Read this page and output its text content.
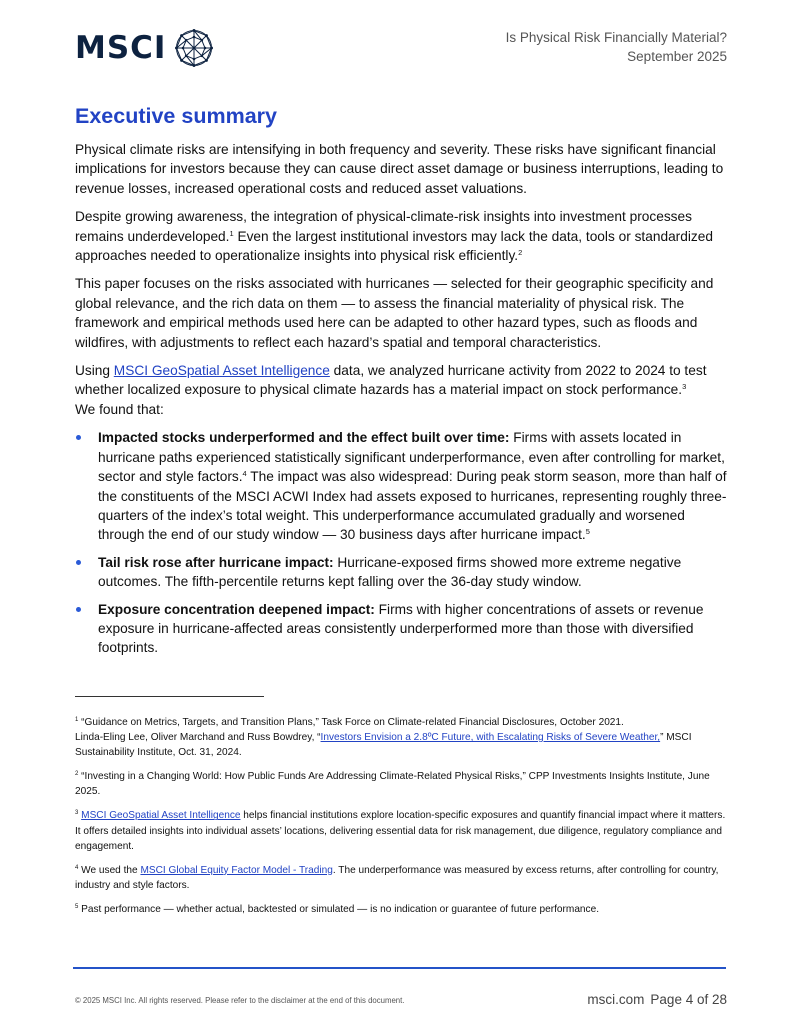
MSCI	Is Physical Risk Financially Material?
September 2025
Executive summary

Physical climate risks are intensifying in both frequency and severity. These risks have significant financial implications for investors because they can cause direct asset damage or business interruptions, leading to revenue losses, increased operational costs and reduced asset valuations.

Despite growing awareness, the integration of physical-climate-risk insights into investment processes remains underdeveloped.$^1$ Even the largest institutional investors may lack the data, tools or standardized approaches needed to operationalize insights into physical risk efficiently.$^2$

This paper focuses on the risks associated with hurricanes — selected for their geographic specificity and global relevance, and the rich data on them — to assess the financial materiality of physical risk. The framework and empirical methods used here can be adapted to other hazard types, such as floods and wildfires, with adjustments to reflect each hazard’s spatial and temporal characteristics.

Using MSCI GeoSpatial Asset Intelligence data, we analyzed hurricane activity from 2022 to 2024 to test whether localized exposure to physical climate hazards has a material impact on stock performance.$^3$
We found that:

Impacted stocks underperformed and the effect built over time: Firms with assets located in hurricane paths experienced statistically significant underperformance, even after controlling for market, sector and style factors.$^4$ The impact was also widespread: During peak storm season, more than half of the constituents of the MSCI ACWI Index had assets exposed to hurricanes, representing roughly three-quarters of the index’s total weight. This underperformance accumulated gradually and worsened through the end of our study window — 30 business days after hurricane impact.$^5$
Tail risk rose after hurricane impact: Hurricane-exposed firms showed more extreme negative outcomes. The fifth-percentile returns kept falling over the 36-day study window.
Exposure concentration deepened impact: Firms with higher concentrations of assets or revenue exposure in hurricane-affected areas consistently underperformed more than those with diversified footprints.

$^1$ “Guidance on Metrics, Targets, and Transition Plans,” Task Force on Climate-related Financial Disclosures, October 2021.
Linda-Eling Lee, Oliver Marchand and Russ Bowdrey, “Investors Envision a 2.8ºC Future, with Escalating Risks of Severe Weather,” MSCI Sustainability Institute, Oct. 31, 2024.

$^2$ “Investing in a Changing World: How Public Funds Are Addressing Climate-Related Physical Risks,” CPP Investments Insights Institute, June 2025.

$^3$ MSCI GeoSpatial Asset Intelligence helps financial institutions explore location-specific exposures and quantify financial impact where it matters. It offers detailed insights into individual assets’ locations, delivering essential data for risk management, due diligence, regulatory compliance and engagement.

$^4$ We used the MSCI Global Equity Factor Model - Trading. The underperformance was measured by excess returns, after controlling for country, industry and style factors.

$^5$ Past performance — whether actual, backtested or simulated — is no indication or guarantee of future performance.

© 2025 MSCI Inc. All rights reserved. Please refer to the disclaimer at the end of this document.	msci.com Page 4 of 28
